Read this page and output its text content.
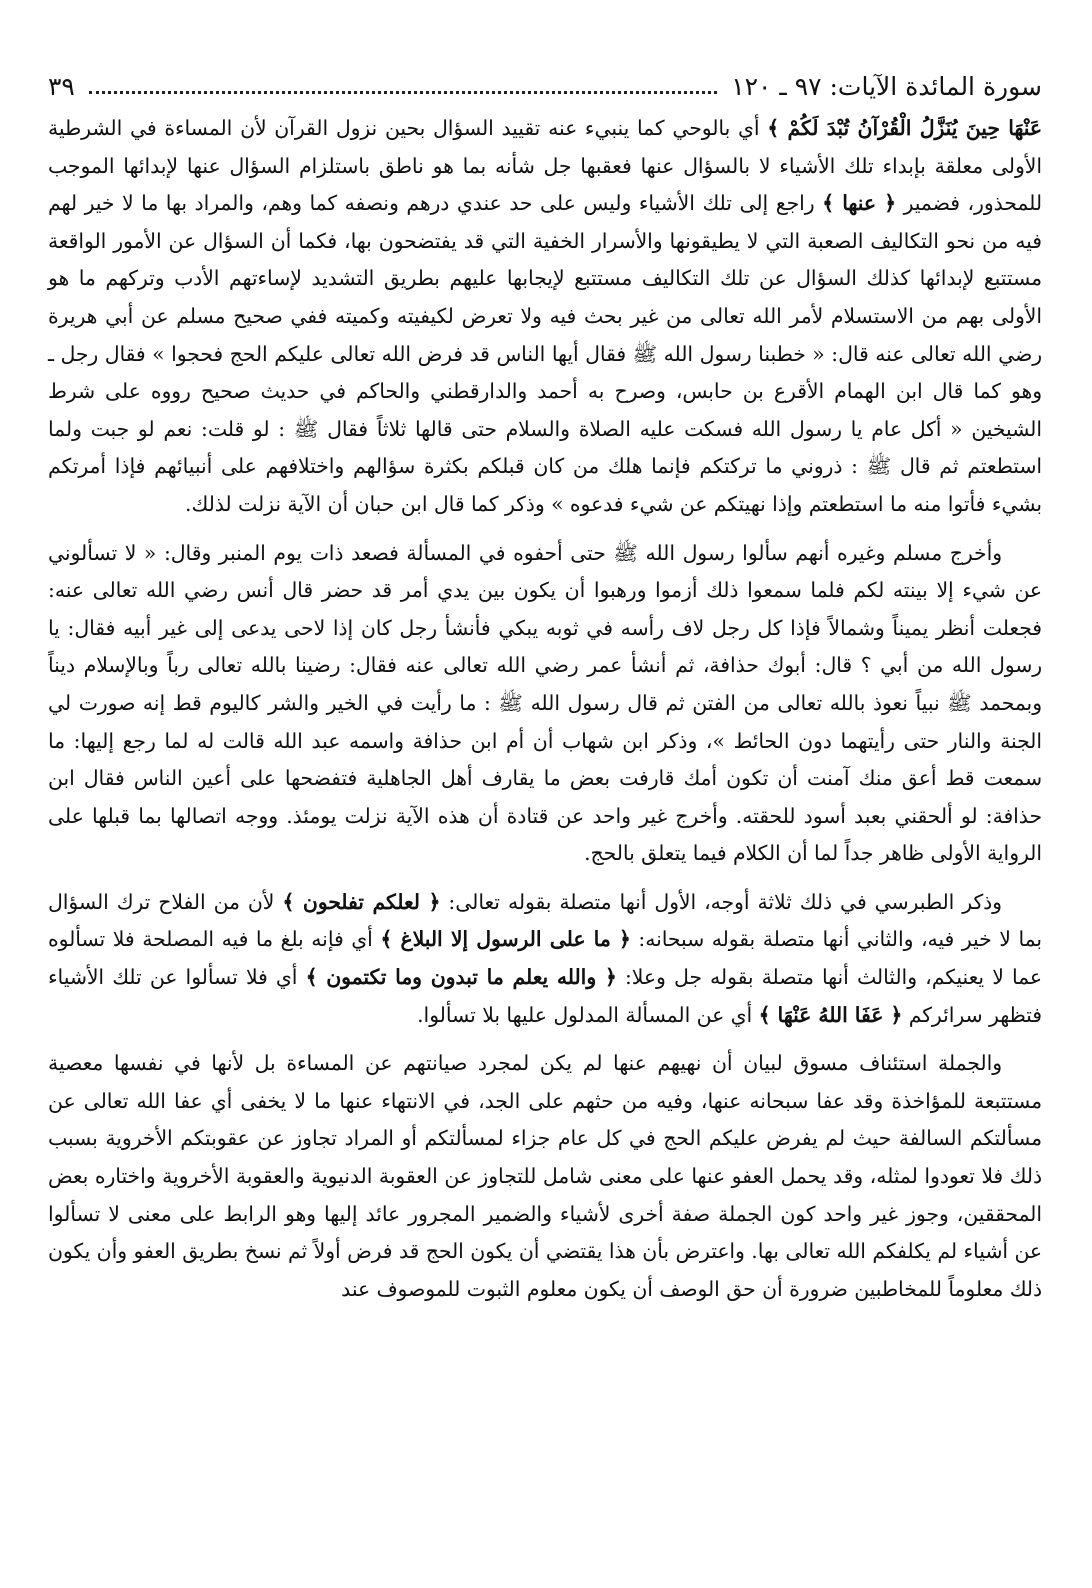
سورة المائدة الآيات: ٩٧ ـ ١٢٠
٣٩

عَنْهَا حِينَ يُنَزَّلُ الْقُرْآنُ تُبْدَ لَكُمْ ﴾ أي بالوحي كما ينبيء عنه تقييد السؤال بحين نزول القرآن لأن المساءة في الشرطية الأولى معلقة بإبداء تلك الأشياء لا بالسؤال عنها فعقبها جل شأنه بما هو ناطق باستلزام السؤال عنها لإبدائها الموجب للمحذور، فضمير ﴿ عنها ﴾ راجع إلى تلك الأشياء وليس على حد عندي درهم ونصفه كما وهم، والمراد بها ما لا خير لهم فيه من نحو التكاليف الصعبة التي لا يطيقونها والأسرار الخفية التي قد يفتضحون بها، فكما أن السؤال عن الأمور الواقعة مستتبع لإبدائها كذلك السؤال عن تلك التكاليف مستتبع لإيجابها عليهم بطريق التشديد لإساءتهم الأدب وتركهم ما هو الأولى بهم من الاستسلام لأمر الله تعالى من غير بحث فيه ولا تعرض لكيفيته وكميته ففي صحيح مسلم عن أبي هريرة رضي الله تعالى عنه قال: « خطبنا رسول الله ﷺ فقال أيها الناس قد فرض الله تعالى عليكم الحج فحجوا » فقال رجل ـ وهو كما قال ابن الهمام الأقرع بن حابس، وصرح به أحمد والدارقطني والحاكم في حديث صحيح رووه على شرط الشيخين « أكل عام يا رسول الله فسكت عليه الصلاة والسلام حتى قالها ثلاثاً فقال ﷺ : لو قلت: نعم لو جبت ولما استطعتم ثم قال ﷺ : ذروني ما تركتكم فإنما هلك من كان قبلكم بكثرة سؤالهم واختلافهم على أنبيائهم فإذا أمرتكم بشيء فأتوا منه ما استطعتم وإذا نهيتكم عن شيء فدعوه » وذكر كما قال ابن حبان أن الآية نزلت لذلك.

وأخرج مسلم وغيره أنهم سألوا رسول الله ﷺ حتى أحفوه في المسألة فصعد ذات يوم المنبر وقال: « لا تسألوني عن شيء إلا بينته لكم فلما سمعوا ذلك أزموا ورهبوا أن يكون بين يدي أمر قد حضر قال أنس رضي الله تعالى عنه: فجعلت أنظر يميناً وشمالاً فإذا كل رجل لاف رأسه في ثوبه يبكي فأنشأ رجل كان إذا لاحى يدعى إلى غير أبيه فقال: يا رسول الله من أبي ؟ قال: أبوك حذافة، ثم أنشأ عمر رضي الله تعالى عنه فقال: رضينا بالله تعالى رباً وبالإسلام ديناً وبمحمد ﷺ نبياً نعوذ بالله تعالى من الفتن ثم قال رسول الله ﷺ : ما رأيت في الخير والشر كاليوم قط إنه صورت لي الجنة والنار حتى رأيتهما دون الحائط »، وذكر ابن شهاب أن أم ابن حذافة واسمه عبد الله قالت له لما رجع إليها: ما سمعت قط أعق منك آمنت أن تكون أمك قارفت بعض ما يقارف أهل الجاهلية فتفضحها على أعين الناس فقال ابن حذافة: لو ألحقني بعبد أسود للحقته. وأخرج غير واحد عن قتادة أن هذه الآية نزلت يومئذ. ووجه اتصالها بما قبلها على الرواية الأولى ظاهر جداً لما أن الكلام فيما يتعلق بالحج.

وذكر الطبرسي في ذلك ثلاثة أوجه، الأول أنها متصلة بقوله تعالى: ﴿ لعلكم تفلحون ﴾ لأن من الفلاح ترك السؤال بما لا خير فيه، والثاني أنها متصلة بقوله سبحانه: ﴿ ما على الرسول إلا البلاغ ﴾ أي فإنه بلغ ما فيه المصلحة فلا تسألوه عما لا يعنيكم، والثالث أنها متصلة بقوله جل وعلا: ﴿ والله يعلم ما تبدون وما تكتمون ﴾ أي فلا تسألوا عن تلك الأشياء فتظهر سرائركم ﴿ عَفَا اللهُ عَنْهَا ﴾ أي عن المسألة المدلول عليها بلا تسألوا.

والجملة استئناف مسوق لبيان أن نهيهم عنها لم يكن لمجرد صيانتهم عن المساءة بل لأنها في نفسها معصية مستتبعة للمؤاخذة وقد عفا سبحانه عنها، وفيه من حثهم على الجد، في الانتهاء عنها ما لا يخفى أي عفا الله تعالى عن مسألتكم السالفة حيث لم يفرض عليكم الحج في كل عام جزاء لمسألتكم أو المراد تجاوز عن عقوبتكم الأخروية بسبب ذلك فلا تعودوا لمثله، وقد يحمل العفو عنها على معنى شامل للتجاوز عن العقوبة الدنيوية والعقوبة الأخروية واختاره بعض المحققين، وجوز غير واحد كون الجملة صفة أخرى لأشياء والضمير المجرور عائد إليها وهو الرابط على معنى لا تسألوا عن أشياء لم يكلفكم الله تعالى بها. واعترض بأن هذا يقتضي أن يكون الحج قد فرض أولاً ثم نسخ بطريق العفو وأن يكون ذلك معلوماً للمخاطبين ضرورة أن حق الوصف أن يكون معلوم الثبوت للموصوف عند
